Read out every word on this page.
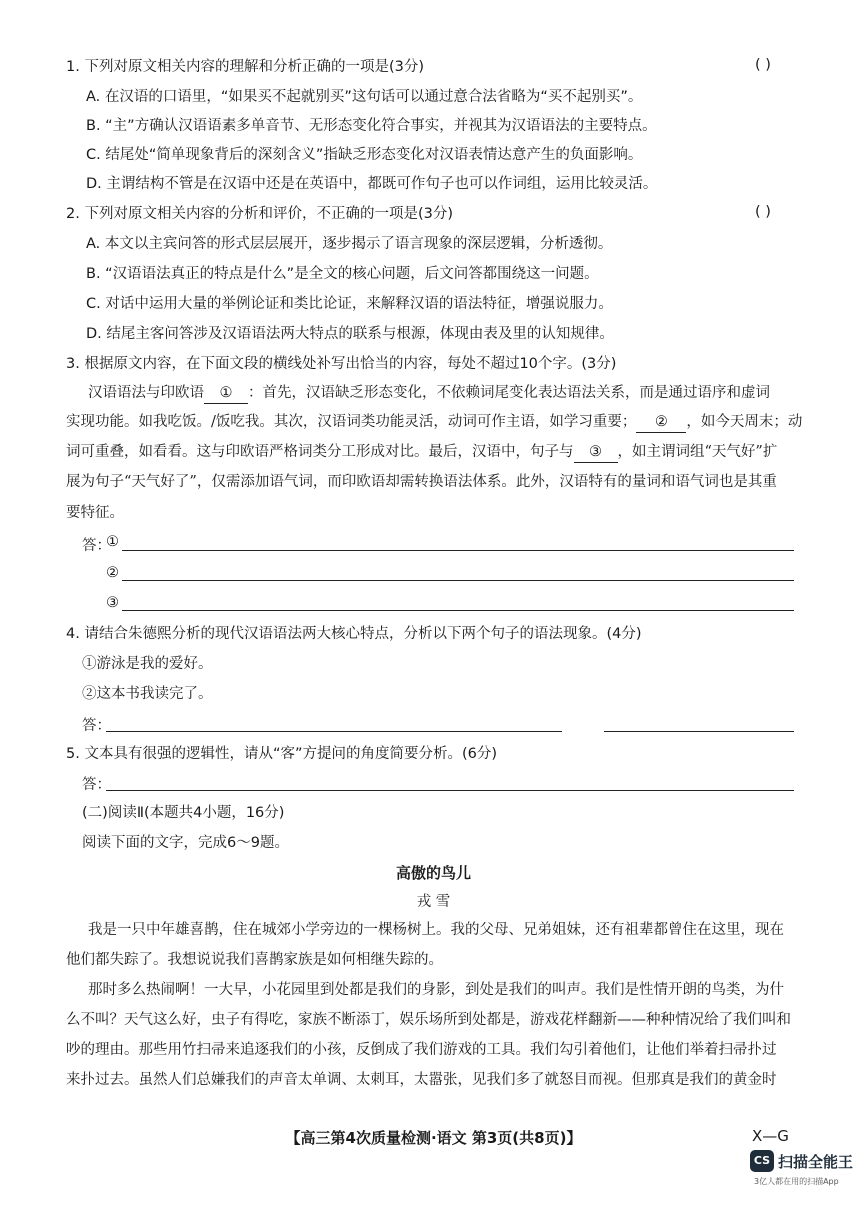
1. 下列对原文相关内容的理解和分析正确的一项是(3分)	( )
A. 在汉语的口语里，“如果买不起就别买”这句话可以通过意合法省略为“买不起别买”。
B. “主”方确认汉语语素多单音节、无形态变化符合事实，并视其为汉语语法的主要特点。
C. 结尾处“简单现象背后的深刻含义”指缺乏形态变化对汉语表情达意产生的负面影响。
D. 主谓结构不管是在汉语中还是在英语中，都既可作句子也可以作词组，运用比较灵活。
2. 下列对原文相关内容的分析和评价，不正确的一项是(3分)	( )
A. 本文以主宾问答的形式层层展开，逐步揭示了语言现象的深层逻辑，分析透彻。
B. “汉语语法真正的特点是什么”是全文的核心问题，后文问答都围绕这一问题。
C. 对话中运用大量的举例论证和类比论证，来解释汉语的语法特征，增强说服力。
D. 结尾主客问答涉及汉语语法两大特点的联系与根源，体现由表及里的认知规律。
3. 根据原文内容，在下面文段的横线处补写出恰当的内容，每处不超过10个字。(3分)
汉语语法与印欧语 ① ：首先，汉语缺乏形态变化，不依赖词尾变化表达语法关系，而是通过语序和虚词
实现功能。如我吃饭。/饭吃我。其次，汉语词类功能灵活，动词可作主语，如学习重要； ② ，如今天周末；动
词可重叠，如看看。这与印欧语严格词类分工形成对比。最后，汉语中，句子与 ③ ，如主谓词组“天气好”扩
展为句子“天气好了”，仅需添加语气词，而印欧语却需转换语法体系。此外，汉语特有的量词和语气词也是其重
要特征。
答：
①
②
③
4. 请结合朱德熙分析的现代汉语语法两大核心特点，分析以下两个句子的语法现象。(4分)
①游泳是我的爱好。
②这本书我读完了。
答：
5. 文本具有很强的逻辑性，请从“客”方提问的角度简要分析。(6分)
答：
(二)阅读Ⅱ(本题共4小题，16分)
阅读下面的文字，完成6～9题。
高傲的鸟儿
戎 雪
我是一只中年雄喜鹊，住在城郊小学旁边的一棵杨树上。我的父母、兄弟姐妹，还有祖辈都曾住在这里，现在
他们都失踪了。我想说说我们喜鹊家族是如何相继失踪的。
那时多么热闹啊！一大早，小花园里到处都是我们的身影，到处是我们的叫声。我们是性情开朗的鸟类，为什
么不叫？天气这么好，虫子有得吃，家族不断添丁，娱乐场所到处都是，游戏花样翻新——种种情况给了我们叫和
吵的理由。那些用竹扫帚来追逐我们的小孩，反倒成了我们游戏的工具。我们勾引着他们，让他们举着扫帚扑过
来扑过去。虽然人们总嫌我们的声音太单调、太刺耳，太嚣张，见我们多了就怒目而视。但那真是我们的黄金时
【高三第4次质量检测·语文 第3页(共8页)】	X—G
CS 扫描全能王
3亿人都在用的扫描App
